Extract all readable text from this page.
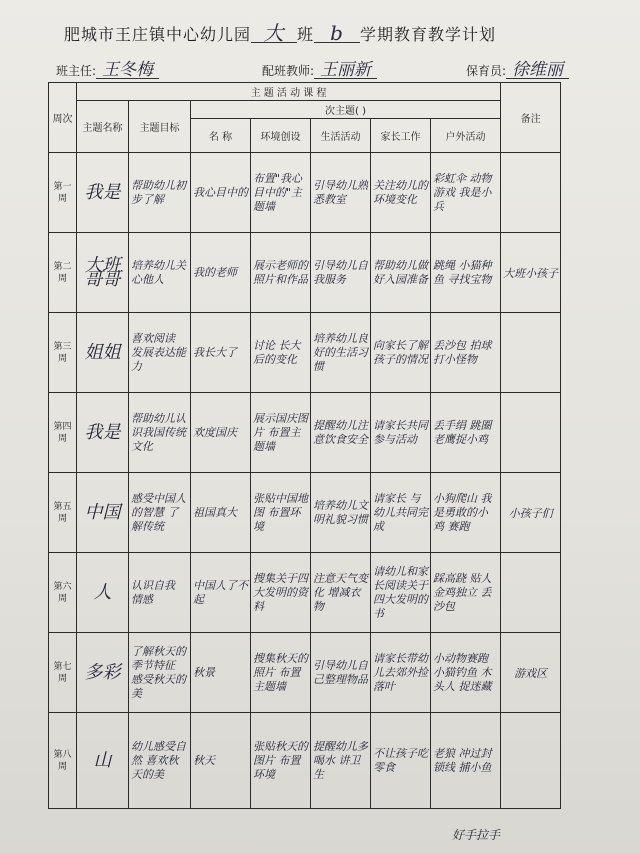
肥城市王庄镇中心幼儿园 大 班 b 学期教育教学计划
班主任: 王冬梅	配班教师: 王丽新	保育员: 徐维丽
周次	主 题 活 动 课 程							备注
	主题名称	主题目标	次主题( )					
			名 称	环境创设	生活活动	家长工作	户外活动	
第一周	我是	帮助幼儿初步了解	我心目中的	布置"我心目中的"主题墙	引导幼儿熟悉教室	关注幼儿的环境变化	彩虹伞 动物游戏 我是小兵	
第二周	大班 哥哥	培养幼儿关心他人	我的老师	展示老师的照片和作品	引导幼儿自我服务	帮助幼儿做好入园准备	跳绳 小猫种鱼 寻找宝物	大班小孩子
第三周	姐姐	喜欢阅读 发展表达能力	我长大了	讨论 长大后的变化	培养幼儿良好的生活习惯	向家长了解孩子的情况	丢沙包 拍球 打小怪物	
第四周	我是	帮助幼儿认识我国传统文化	欢度国庆	展示国庆图片 布置主题墙	提醒幼儿注意饮食安全	请家长共同参与活动	丢手绢 跳圈 老鹰捉小鸡	
第五周	中国	感受中国人的智慧 了解传统	祖国真大	张贴中国地图 布置环境	培养幼儿文明礼貌习惯	请家长 与幼儿共同完成	小狗爬山 我是勇敢的小鸡 赛跑	小孩子们
第六周	人	认识自我 情感	中国人了不起	搜集关于四大发明的资料	注意天气变化 增减衣物	请幼儿和家长阅读关于四大发明的书	踩高跷 贴人 金鸡独立 丢沙包	
第七周	多彩	了解秋天的季节特征 感受秋天的美	秋景	搜集秋天的照片 布置主题墙	引导幼儿自己整理物品	请家长带幼儿去郊外捡落叶	小动物赛跑 小猫钓鱼 木头人 捉迷藏	游戏区
第八周	山	幼儿感受自然 喜欢秋天的美	秋天	张贴秋天的图片 布置环境	提醒幼儿多喝水 讲卫生	不让孩子吃零食	老狼 冲过封锁线 捕小鱼	
好手拉手
